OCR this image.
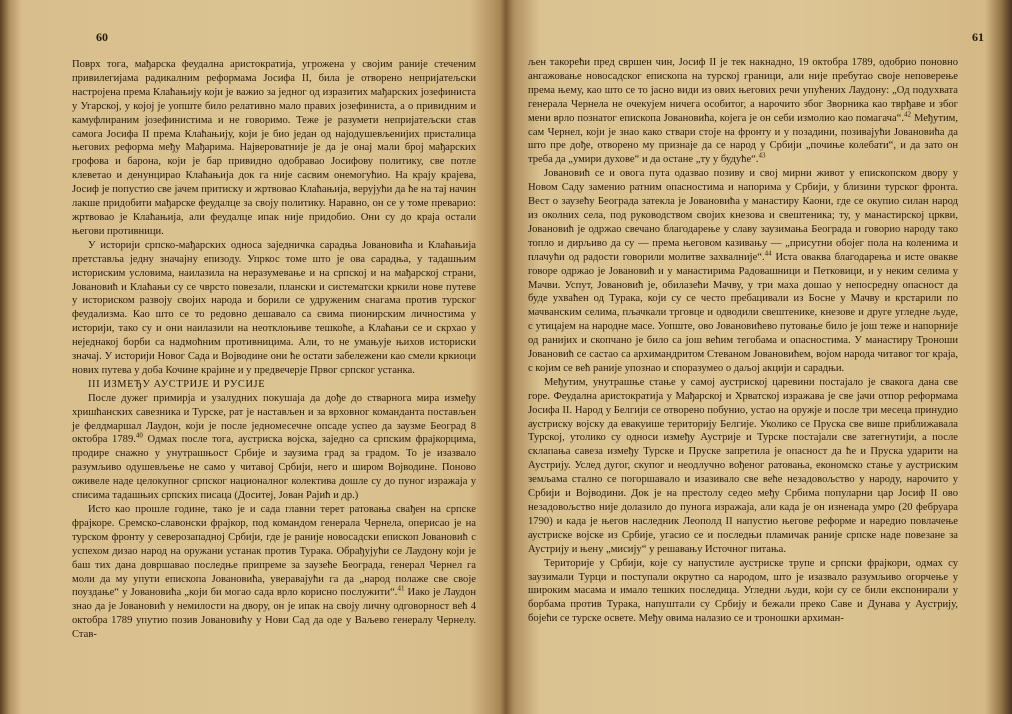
60

Поврх тога, мађарска феудална аристократија, угрожена у својим раније стеченим привилегијама радикалним реформама Јосифа II, била је отворено непријатељски настројена према Клаћањију који је важио за једног од изразитих мађарских јозефиниста у Угарској, у којој је уопште било релативно мало правих јозефиниста, а о привидним и камуфлираним јозефинистима и не говоримо. Теже је разумети непријатељски став самога Јосифа II према Клаћањију, који је био један од најодушевљенијих присталица његових реформа међу Мађарима. Највероватније је да је онај мали број мађарских грофова и барона, који је бар привидно одобравао Јосифову политику, све потле клеветао и денунцирао Клаћањија док га није сасвим онемогућио. На крају крајева, Јосиф је попустио све јачем притиску и жртвовао Клаћањија, верујући да ће на тај начин лакше придобити мађарске феудалце за своју политику. Наравно, он се у томе преварио: жртвовао је Клаћањија, али феудалце ипак није придобио. Они су до краја остали његови противници.

У историји српско-мађарских односа заједничка сарадња Јовановића и Клаћањија претставља једну значајну епизоду. Упркос томе што је ова сарадња, у тадашњим историским условима, наилазила на неразумевање и на српској и на мађарској страни, Јовановић и Клаћањи су се чврсто повезали, плански и систематски кркили нове путеве у историском развоју својих народа и борили се удруженим снагама против турског феудализма. Као што се то редовно дешавало са свима пионирским личностима у историји, тако су и они наилазили на неотклоњиве тешкоће, а Клаћањи се и скрхао у неједнакој борби са надмоћним противницима. Али, то не умањује њихов историски значај. У историји Новог Сада и Војводине они ће остати забележени као смели кркиоци нових путева у доба Кочине крајине и у предвечерје Првог српског устанка.

III ИЗМЕЂУ АУСТРИЈЕ И РУСИЈЕ

После дужег примирја и узалудних покушаја да дође до стварнога мира између хришћанских савезника и Турске, рат је настављен и за врховног команданта постављен је фелдмаршал Лаудон, који је после једномесечне опсаде успео да заузме Београд 8 октобра 1789.40 Одмах после тога, аустриска војска, заједно са српским фрајкорцима, продире снажно у унутрашњост Србије и заузима град за градом. То је изазвало разумљиво одушевљење не само у читавој Србији, него и широм Војводине. Поново оживеле наде целокупног српског националног колектива дошле су до пуног изражаја у списима тадашњих српских писаца (Доситеј, Јован Рајић и др.)

Исто као прошле године, тако је и сада главни терет ратовања свађен на српске фрајкоре. Сремско-славонски фрајкор, под командом генерала Чернела, оперисао је на турском фронту у северозападној Србији, где је раније новосадски епископ Јовановић с успехом дизао народ на оружани устанак против Турака. Обрађујући се Лаудону који је баш тих дана довршавао последње припреме за заузеће Београда, генерал Чернел га моли да му упути епископа Јовановића, уверавајући га да „народ полаже све своје поуздање“ у Јовановића „који би могао сада врло корисно послужити“.$^{41}$ Иако је Лаудон знао да је Јовановић у немилости на двору, он је ипак на своју личну одговорност већ 4 октобра 1789 упутио позив Јовановићу у Нови Сад да оде у Ваљево генералу Чернелу. Став-

61

љен такорећи пред свршен чин, Јосиф II је тек накнадно, 19 октобра 1789, одобрио поновно ангажовање новосадског епископа на турској граници, али није пребутао своје неповерење према њему, као што се то јасно види из ових његових речи упућених Лаудону: „Од подухвата генерала Чернела не очекујем ничега особитог, а нарочито због Зворника као тврђаве и због мени врло познатог епископа Јовановића, којега је он себи измолио као помагача“.$^{42}$ Међутим, сам Чернел, који је знао како ствари стоје на фронту и у позадини, позивајући Јовановића да што пре дође, отворено му признаје да се народ у Србији „почиње колебати“, и да зато он треба да „умири духове“ и да остане „ту у будуће“.$^{43}$

Јовановић се и овога пута одазвао позиву и свој мирни живот у епископском двору у Новом Саду заменио ратним опасностима и напорима у Србији, у близини турског фронта. Вест о заузећу Београда затекла је Јовановића у манастиру Каони, где се окупио силан народ из околних села, под руководством својих кнезова и свештеника; ту, у манастирској цркви, Јовановић је одржао свечано благодарење у славу заузимања Београда и говорио народу тако топло и дирљиво да су — према његовом казивању — „присутни обојег пола на коленима и плачући од радости говорили молитве захвалније“.$^{44}$ Иста оваква благодарења и исте овакве говоре одржао је Јовановић и у манастирима Радовашници и Петковици, и у неким селима у Мачви. Успут, Јовановић је, обилазећи Мачву, у три маха дошао у непосредну опасност да буде ухваћен од Турака, који су се често пребацивали из Босне у Мачву и крстарили по мачванским селима, пљачкали трговце и одводили свештенике, кнезове и друге угледне људе, с утицајем на народне масе. Уопште, ово Јовановићево путовање било је још теже и напорније од ранијих и скопчано је било са још већим тегобама и опасностима. У манастиру Троноши Јовановић се састао са архимандритом Стеваном Јовановићем, војом народа читавог тог краја, с којим се већ раније упознао и споразумео о даљој акцији и сарадњи.

Међутим, унутрашње стање у самој аустриској царевини постајало је свакога дана све горе. Феудална аристократија у Мађарској и Хрватској изражава је све јачи отпор реформама Јосифа II. Народ у Белгији се отворено побунио, устао на оружје и после три месеца принудио аустриску војску да евакуише територију Белгије. Уколико се Пруска све више приближавала Турској, утолико су односи између Аустрије и Турске постајали све затегнутији, а после склапања савеза између Турске и Пруске запретила је опасност да ће и Пруска ударити на Аустрију. Услед дугог, скупог и неодлучно вођеног ратовања, економско стање у аустриским земљама стално се погоршавало и изазивало све веће незадовољство у народу, нарочито у Србији и Војводини. Док је на престолу седео међу Србима популарни цар Јосиф II ово незадовољство није долазило до пунога изражаја, али када је он изненада умро (20 фебруара 1790) и када је његов наследник Леополд II напустио његове реформе и наредио повлачење аустриске војске из Србије, угасио се и последњи пламичак раније српске наде повезане за Аустрију и њену „мисију“ у решавању Источног питања.

Територије у Србији, које су напустиле аустриске трупе и српски фрајкори, одмах су заузимали Турци и поступали окрутно са народом, што је изазвало разумљиво огорчење у ширoким масама и имало тешких последица. Угледни људи, који су се били експонирали у борбама против Турака, напуштали су Србију и бежали преко Саве и Дунава у Аустрију, бојећи се турске освете. Међу овима налазио се и троношки архиман-
